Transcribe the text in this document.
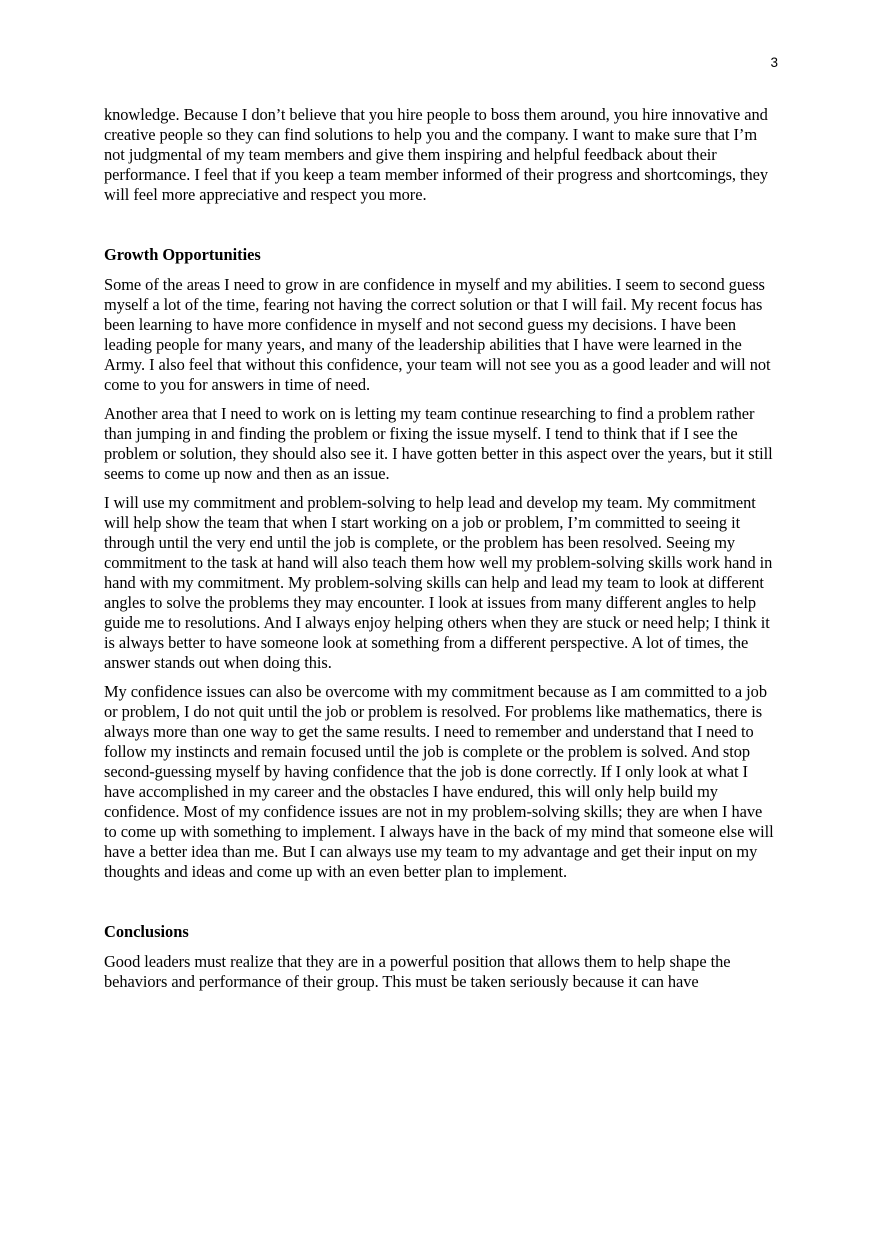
3

knowledge. Because I don’t believe that you hire people to boss them around, you hire innovative and creative people so they can find solutions to help you and the company. I want to make sure that I’m not judgmental of my team members and give them inspiring and helpful feedback about their performance. I feel that if you keep a team member informed of their progress and shortcomings, they will feel more appreciative and respect you more.

Growth Opportunities

Some of the areas I need to grow in are confidence in myself and my abilities. I seem to second guess myself a lot of the time, fearing not having the correct solution or that I will fail. My recent focus has been learning to have more confidence in myself and not second guess my decisions. I have been leading people for many years, and many of the leadership abilities that I have were learned in the Army. I also feel that without this confidence, your team will not see you as a good leader and will not come to you for answers in time of need.

Another area that I need to work on is letting my team continue researching to find a problem rather than jumping in and finding the problem or fixing the issue myself. I tend to think that if I see the problem or solution, they should also see it. I have gotten better in this aspect over the years, but it still seems to come up now and then as an issue.

I will use my commitment and problem-solving to help lead and develop my team. My commitment will help show the team that when I start working on a job or problem, I’m committed to seeing it through until the very end until the job is complete, or the problem has been resolved. Seeing my commitment to the task at hand will also teach them how well my problem-solving skills work hand in hand with my commitment. My problem-solving skills can help and lead my team to look at different angles to solve the problems they may encounter. I look at issues from many different angles to help guide me to resolutions. And I always enjoy helping others when they are stuck or need help; I think it is always better to have someone look at something from a different perspective. A lot of times, the answer stands out when doing this.

My confidence issues can also be overcome with my commitment because as I am committed to a job or problem, I do not quit until the job or problem is resolved. For problems like mathematics, there is always more than one way to get the same results. I need to remember and understand that I need to follow my instincts and remain focused until the job is complete or the problem is solved. And stop second-guessing myself by having confidence that the job is done correctly. If I only look at what I have accomplished in my career and the obstacles I have endured, this will only help build my confidence. Most of my confidence issues are not in my problem-solving skills; they are when I have to come up with something to implement. I always have in the back of my mind that someone else will have a better idea than me. But I can always use my team to my advantage and get their input on my thoughts and ideas and come up with an even better plan to implement.

Conclusions

Good leaders must realize that they are in a powerful position that allows them to help shape the behaviors and performance of their group. This must be taken seriously because it can have
